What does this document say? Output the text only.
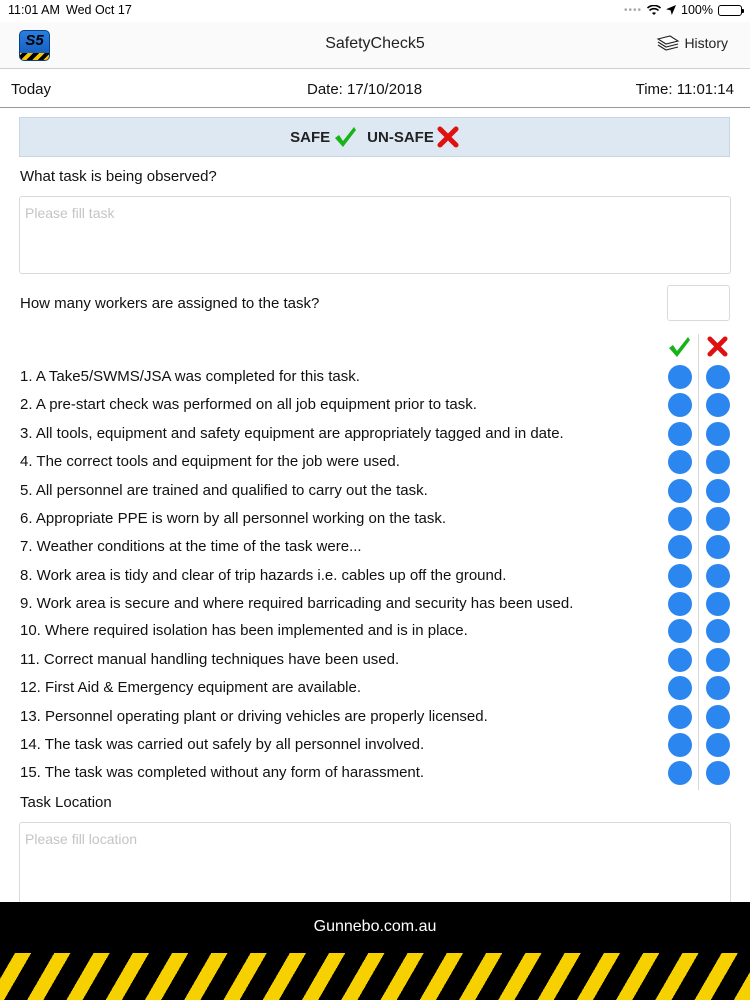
11:01 AM Wed Oct 17	••••	100%
S5	SafetyCheck5	History
Today	Date: 17/10/2018	Time: 11:01:14
SAFE UN-SAFE
What task is being observed?
Please fill task
How many workers are assigned to the task?
1. A Take5/SWMS/JSA was completed for this task.
2. A pre-start check was performed on all job equipment prior to task.
3. All tools, equipment and safety equipment are appropriately tagged and in date.
4. The correct tools and equipment for the job were used.
5. All personnel are trained and qualified to carry out the task.
6. Appropriate PPE is worn by all personnel working on the task.
7. Weather conditions at the time of the task were...
8. Work area is tidy and clear of trip hazards i.e. cables up off the ground.
9. Work area is secure and where required barricading and security has been used.
10. Where required isolation has been implemented and is in place.
11. Correct manual handling techniques have been used.
12. First Aid & Emergency equipment are available.
13. Personnel operating plant or driving vehicles are properly licensed.
14. The task was carried out safely by all personnel involved.
15. The task was completed without any form of harassment.
Task Location
Please fill location
Gunnebo.com.au
